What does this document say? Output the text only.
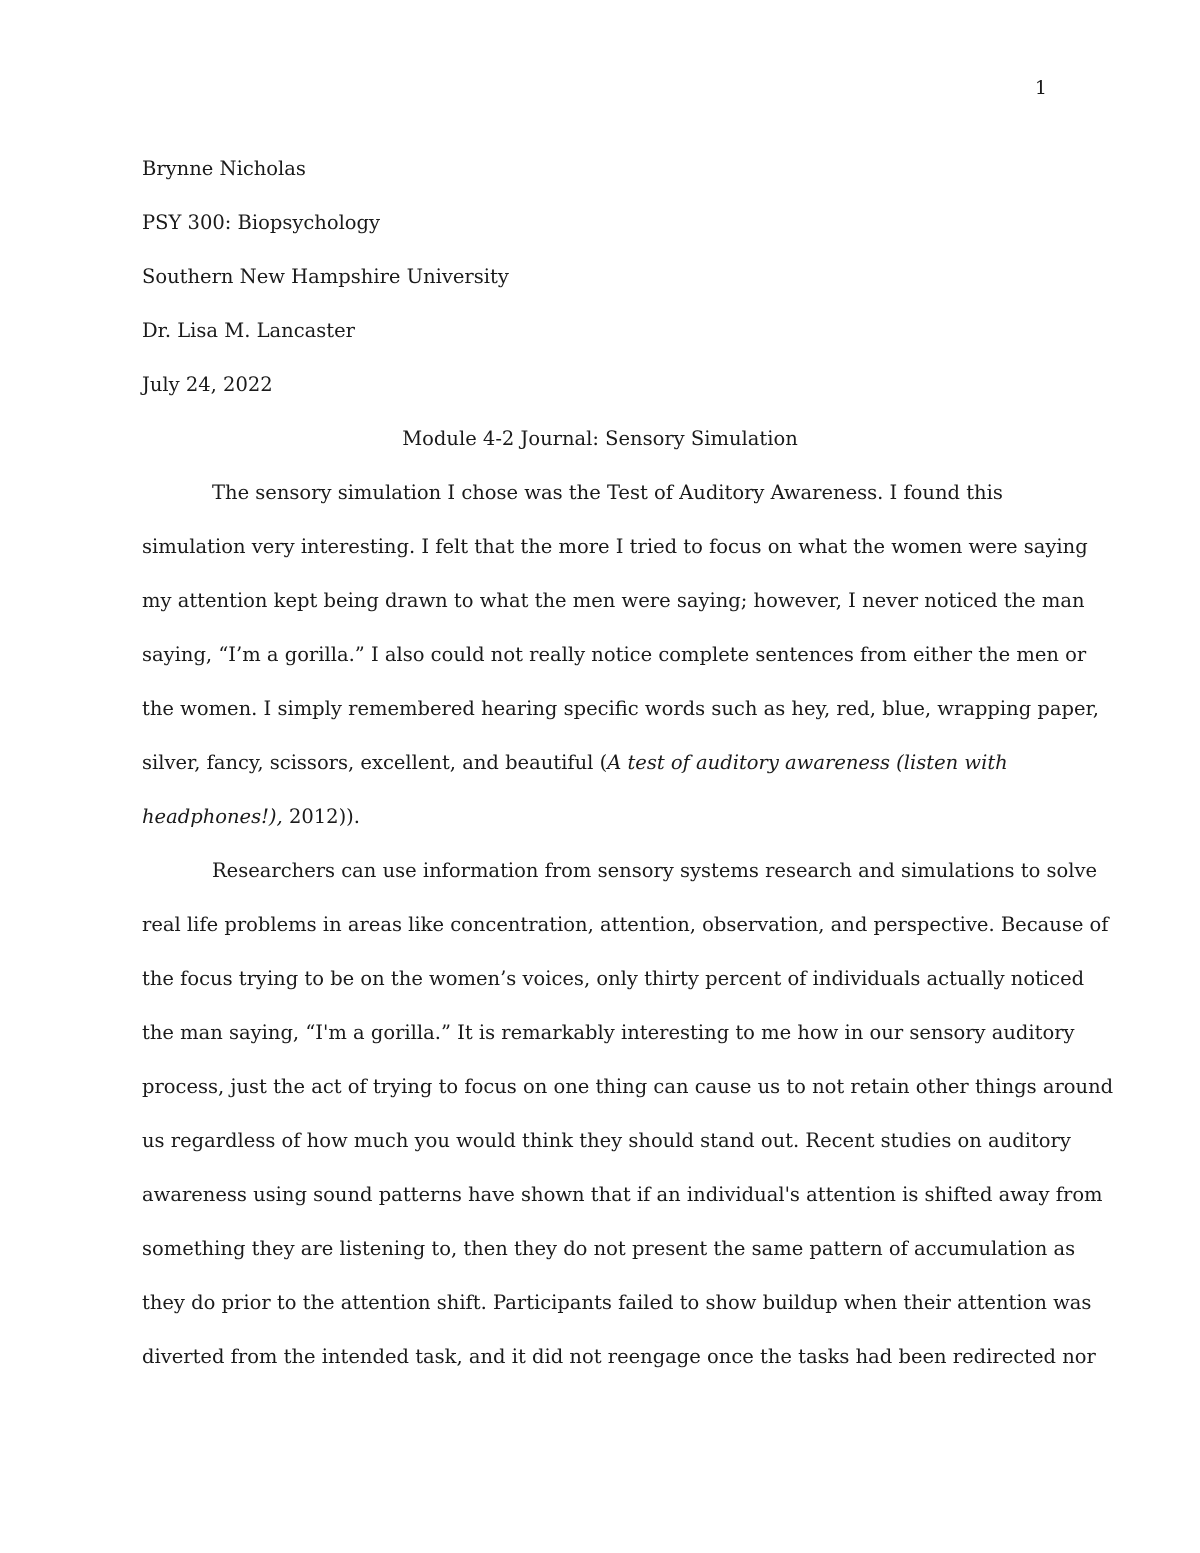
1
Brynne Nicholas
PSY 300: Biopsychology
Southern New Hampshire University
Dr. Lisa M. Lancaster
July 24, 2022
Module 4-2 Journal: Sensory Simulation
The sensory simulation I chose was the Test of Auditory Awareness. I found this
simulation very interesting. I felt that the more I tried to focus on what the women were saying
my attention kept being drawn to what the men were saying; however, I never noticed the man
saying, “I’m a gorilla.” I also could not really notice complete sentences from either the men or
the women. I simply remembered hearing specific words such as hey, red, blue, wrapping paper,
silver, fancy, scissors, excellent, and beautiful (A test of auditory awareness (listen with
headphones!), 2012)).
Researchers can use information from sensory systems research and simulations to solve
real life problems in areas like concentration, attention, observation, and perspective. Because of
the focus trying to be on the women’s voices, only thirty percent of individuals actually noticed
the man saying, “I'm a gorilla.” It is remarkably interesting to me how in our sensory auditory
process, just the act of trying to focus on one thing can cause us to not retain other things around
us regardless of how much you would think they should stand out. Recent studies on auditory
awareness using sound patterns have shown that if an individual's attention is shifted away from
something they are listening to, then they do not present the same pattern of accumulation as
they do prior to the attention shift. Participants failed to show buildup when their attention was
diverted from the intended task, and it did not reengage once the tasks had been redirected nor
